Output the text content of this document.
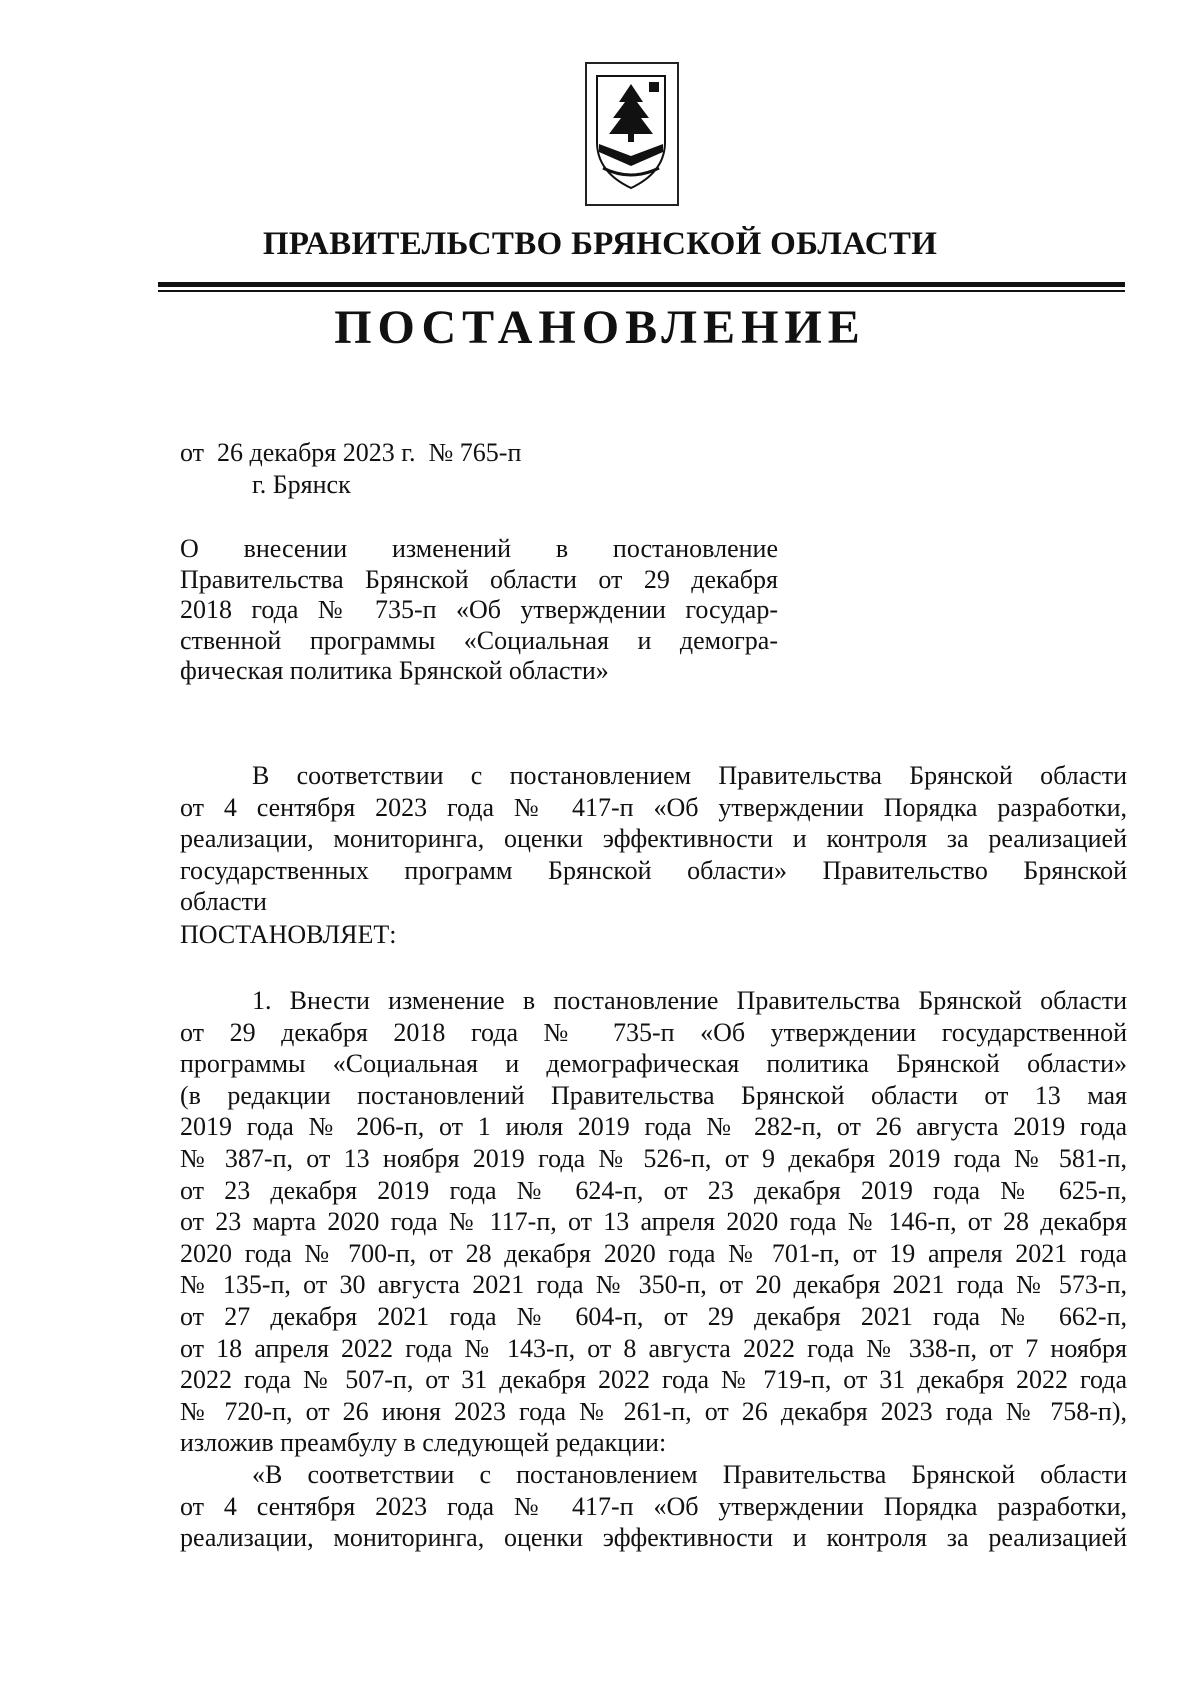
ПРАВИТЕЛЬСТВО БРЯНСКОЙ ОБЛАСТИ
ПОСТАНОВЛЕНИЕ
от  26 декабря 2023 г.  № 765-п
г. Брянск
О внесении изменений в постановление
Правительства Брянской области от 29 декабря
2018 года № 735-п «Об утверждении государ-
ственной программы «Социальная и демогра-
фическая политика Брянской области»
В соответствии с постановлением Правительства Брянской области
от 4 сентября 2023 года № 417-п «Об утверждении Порядка разработки,
реализации, мониторинга, оценки эффективности и контроля за реализацией
государственных программ Брянской области» Правительство Брянской
области
ПОСТАНОВЛЯЕТ:
1. Внести изменение в постановление Правительства Брянской области
от 29 декабря 2018 года № 735-п «Об утверждении государственной
программы «Социальная и демографическая политика Брянской области»
(в редакции постановлений Правительства Брянской области от 13 мая
2019 года № 206-п, от 1 июля 2019 года № 282-п, от 26 августа 2019 года
№ 387-п, от 13 ноября 2019 года № 526-п, от 9 декабря 2019 года № 581-п,
от 23 декабря 2019 года № 624-п, от 23 декабря 2019 года № 625-п,
от 23 марта 2020 года № 117-п, от 13 апреля 2020 года № 146-п, от 28 декабря
2020 года № 700-п, от 28 декабря 2020 года № 701-п, от 19 апреля 2021 года
№ 135-п, от 30 августа 2021 года № 350-п, от 20 декабря 2021 года № 573-п,
от 27 декабря 2021 года № 604-п, от 29 декабря 2021 года № 662-п,
от 18 апреля 2022 года № 143-п, от 8 августа 2022 года № 338-п, от 7 ноября
2022 года № 507-п, от 31 декабря 2022 года № 719-п, от 31 декабря 2022 года
№ 720-п, от 26 июня 2023 года № 261-п, от 26 декабря 2023 года № 758-п),
изложив преамбулу в следующей редакции:
«В соответствии с постановлением Правительства Брянской области
от 4 сентября 2023 года № 417-п «Об утверждении Порядка разработки,
реализации, мониторинга, оценки эффективности и контроля за реализацией
